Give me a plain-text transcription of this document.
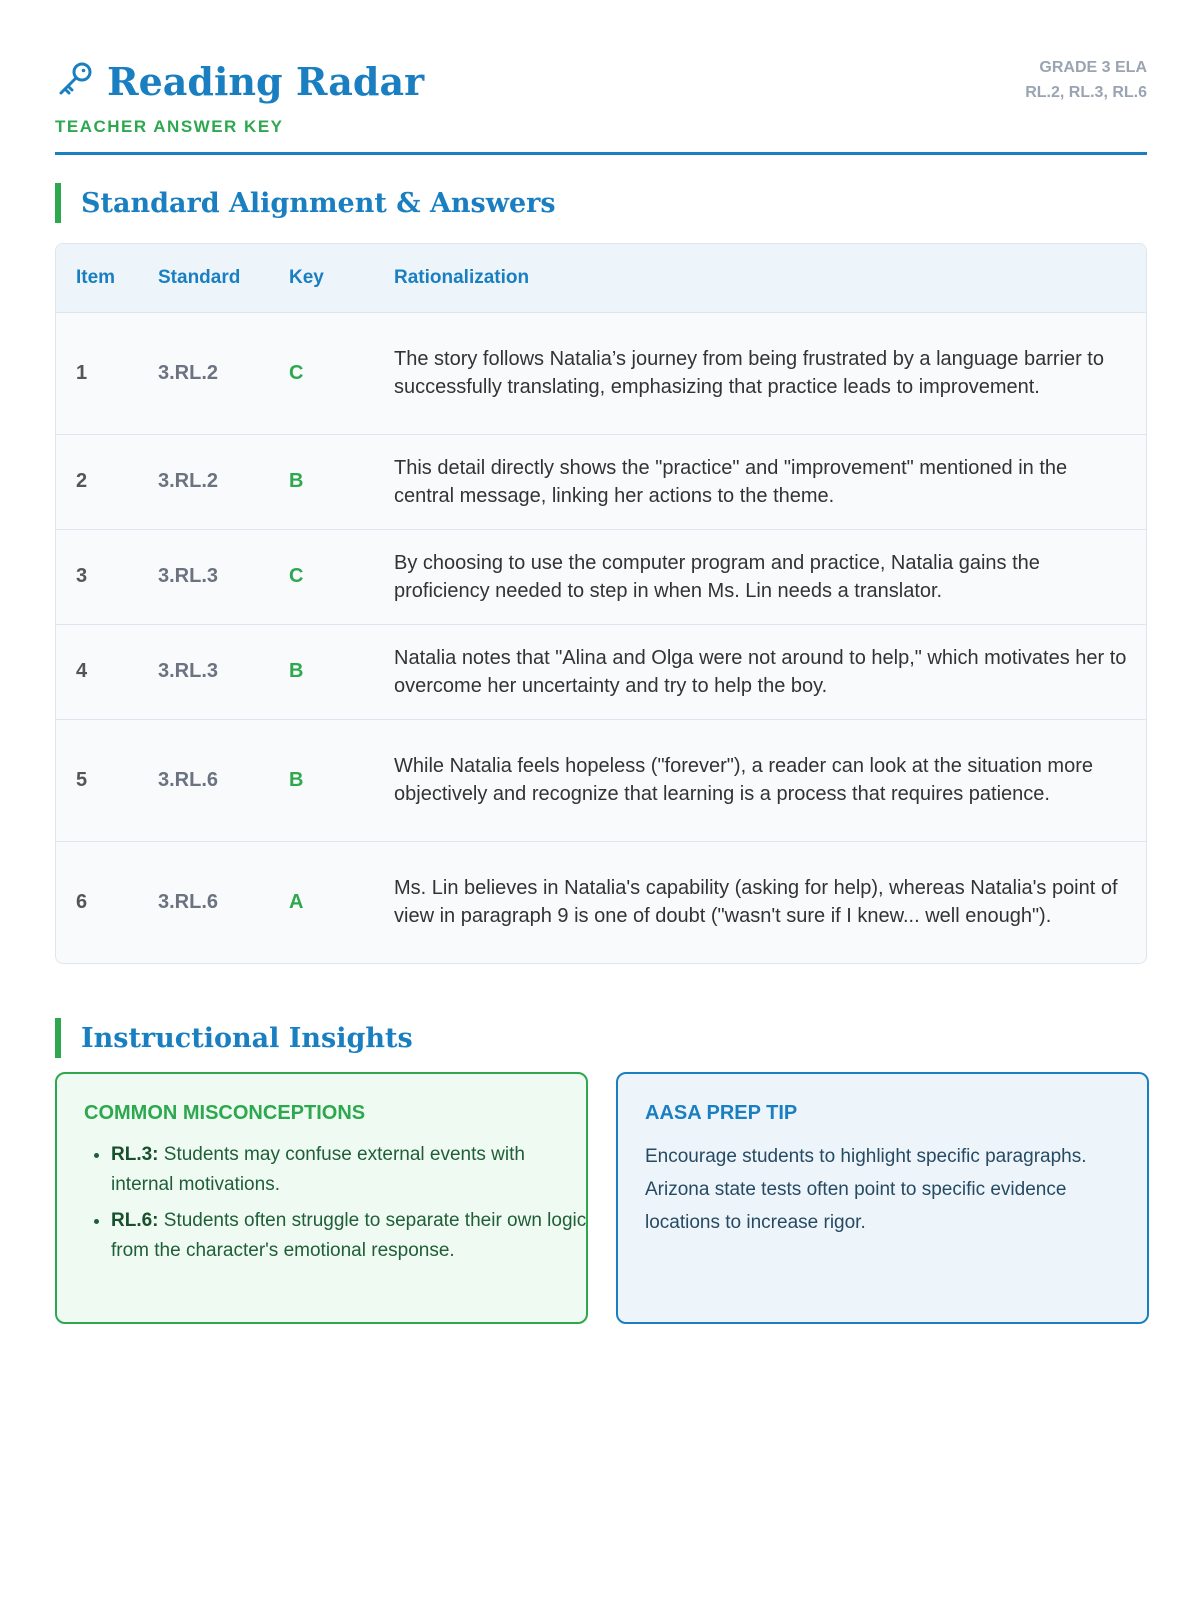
Reading Radar
TEACHER ANSWER KEY
GRADE 3 ELA
RL.2, RL.3, RL.6
Standard Alignment & Answers
Item	Standard	Key	Rationalization
1	3.RL.2	C	The story follows Natalia’s journey from being frustrated by a language barrier to successfully translating, emphasizing that practice leads to improvement.
2	3.RL.2	B	This detail directly shows the "practice" and "improvement" mentioned in the central message, linking her actions to the theme.
3	3.RL.3	C	By choosing to use the computer program and practice, Natalia gains the proficiency needed to step in when Ms. Lin needs a translator.
4	3.RL.3	B	Natalia notes that "Alina and Olga were not around to help," which motivates her to overcome her uncertainty and try to help the boy.
5	3.RL.6	B	While Natalia feels hopeless ("forever"), a reader can look at the situation more objectively and recognize that learning is a process that requires patience.
6	3.RL.6	A	Ms. Lin believes in Natalia's capability (asking for help), whereas Natalia's point of view in paragraph 9 is one of doubt ("wasn't sure if I knew... well enough").
Instructional Insights
COMMON MISCONCEPTIONS
• RL.3: Students may confuse external events with internal motivations.
• RL.6: Students often struggle to separate their own logic from the character's emotional response.
AASA PREP TIP
Encourage students to highlight specific paragraphs. Arizona state tests often point to specific evidence locations to increase rigor.
